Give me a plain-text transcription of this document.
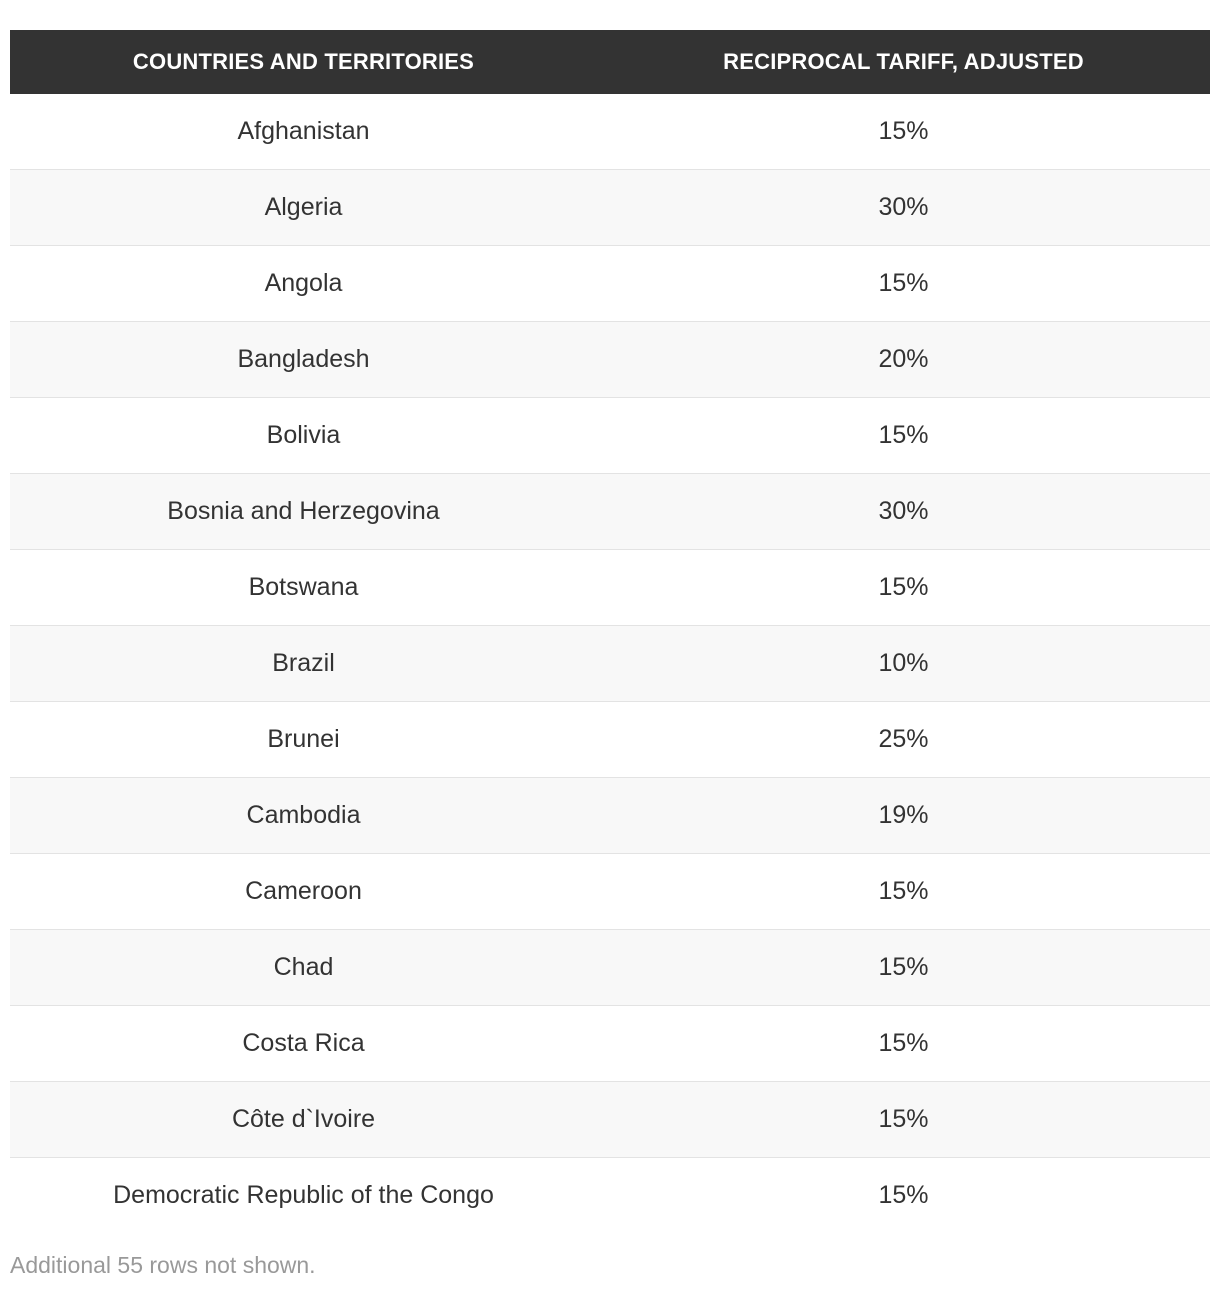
COUNTRIES AND TERRITORIES	RECIPROCAL TARIFF, ADJUSTED
Afghanistan	15%
Algeria	30%
Angola	15%
Bangladesh	20%
Bolivia	15%
Bosnia and Herzegovina	30%
Botswana	15%
Brazil	10%
Brunei	25%
Cambodia	19%
Cameroon	15%
Chad	15%
Costa Rica	15%
Côte d`Ivoire	15%
Democratic Republic of the Congo	15%
Additional 55 rows not shown.
